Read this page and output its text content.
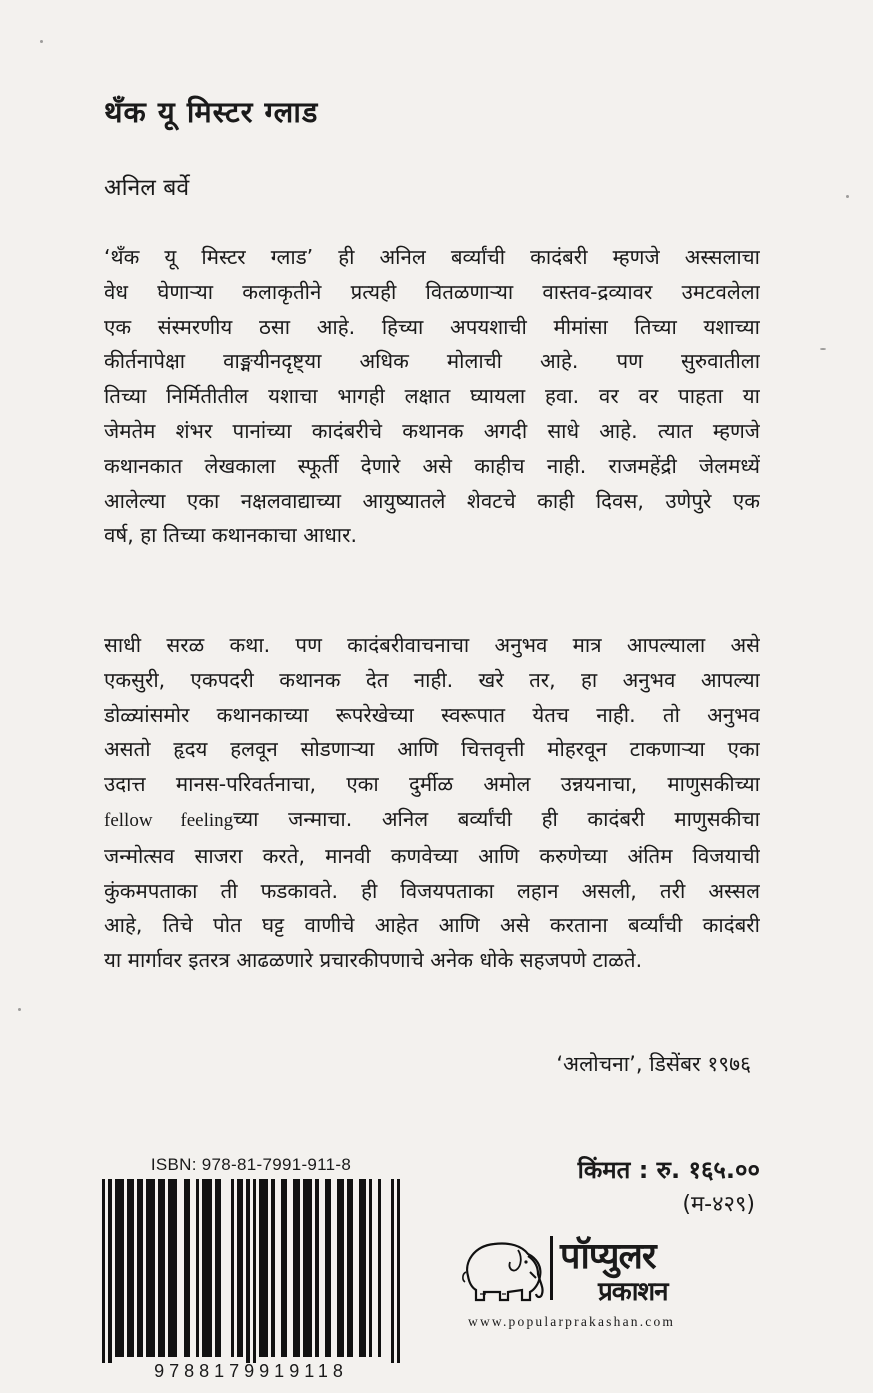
थँक यू मिस्टर ग्लाड
अनिल बर्वे
‘थँक यू मिस्टर ग्लाड’ ही अनिल बर्व्यांची कादंबरी म्हणजे अस्सलाचा
वेध घेणाऱ्या कलाकृतीने प्रत्यही वितळणाऱ्या वास्तव-द्रव्यावर उमटवलेला
एक संस्मरणीय ठसा आहे. हिच्या अपयशाची मीमांसा तिच्या यशाच्या
कीर्तनापेक्षा वाङ्मयीनदृष्ट्या अधिक मोलाची आहे. पण सुरुवातीला
तिच्या निर्मितीतील यशाचा भागही लक्षात घ्यायला हवा. वर वर पाहता या
जेमतेम शंभर पानांच्या कादंबरीचे कथानक अगदी साधे आहे. त्यात म्हणजे
कथानकात लेखकाला स्फूर्ती देणारे असे काहीच नाही. राजमहेंद्री जेलमध्यें
आलेल्या एका नक्षलवाद्याच्या आयुष्यातले शेवटचे काही दिवस, उणेपुरे एक
वर्ष, हा तिच्या कथानकाचा आधार.
साधी सरळ कथा. पण कादंबरीवाचनाचा अनुभव मात्र आपल्याला असे
एकसुरी, एकपदरी कथानक देत नाही. खरे तर, हा अनुभव आपल्या
डोळ्यांसमोर कथानकाच्या रूपरेखेच्या स्वरूपात येतच नाही. तो अनुभव
असतो हृदय हलवून सोडणाऱ्या आणि चित्तवृत्ती मोहरवून टाकणाऱ्या एका
उदात्त मानस-परिवर्तनाचा, एका दुर्मीळ अमोल उन्नयनाचा, माणुसकीच्या
fellow feelingच्या जन्माचा. अनिल बर्व्यांची ही कादंबरी माणुसकीचा
जन्मोत्सव साजरा करते, मानवी कणवेच्या आणि करुणेच्या अंतिम विजयाची
कुंकमपताका ती फडकावते. ही विजयपताका लहान असली, तरी अस्सल
आहे, तिचे पोत घट्ट वाणीचे आहेत आणि असे करताना बर्व्यांची कादंबरी
या मार्गावर इतरत्र आढळणारे प्रचारकीपणाचे अनेक धोके सहजपणे टाळते.
‘अलोचना’, डिसेंबर १९७६
ISBN: 978-81-7991-911-8
9788179919118
किंमत : रु. १६५.००
(म-४२९)
पॉप्युलर
प्रकाशन
www.popularprakashan.com
